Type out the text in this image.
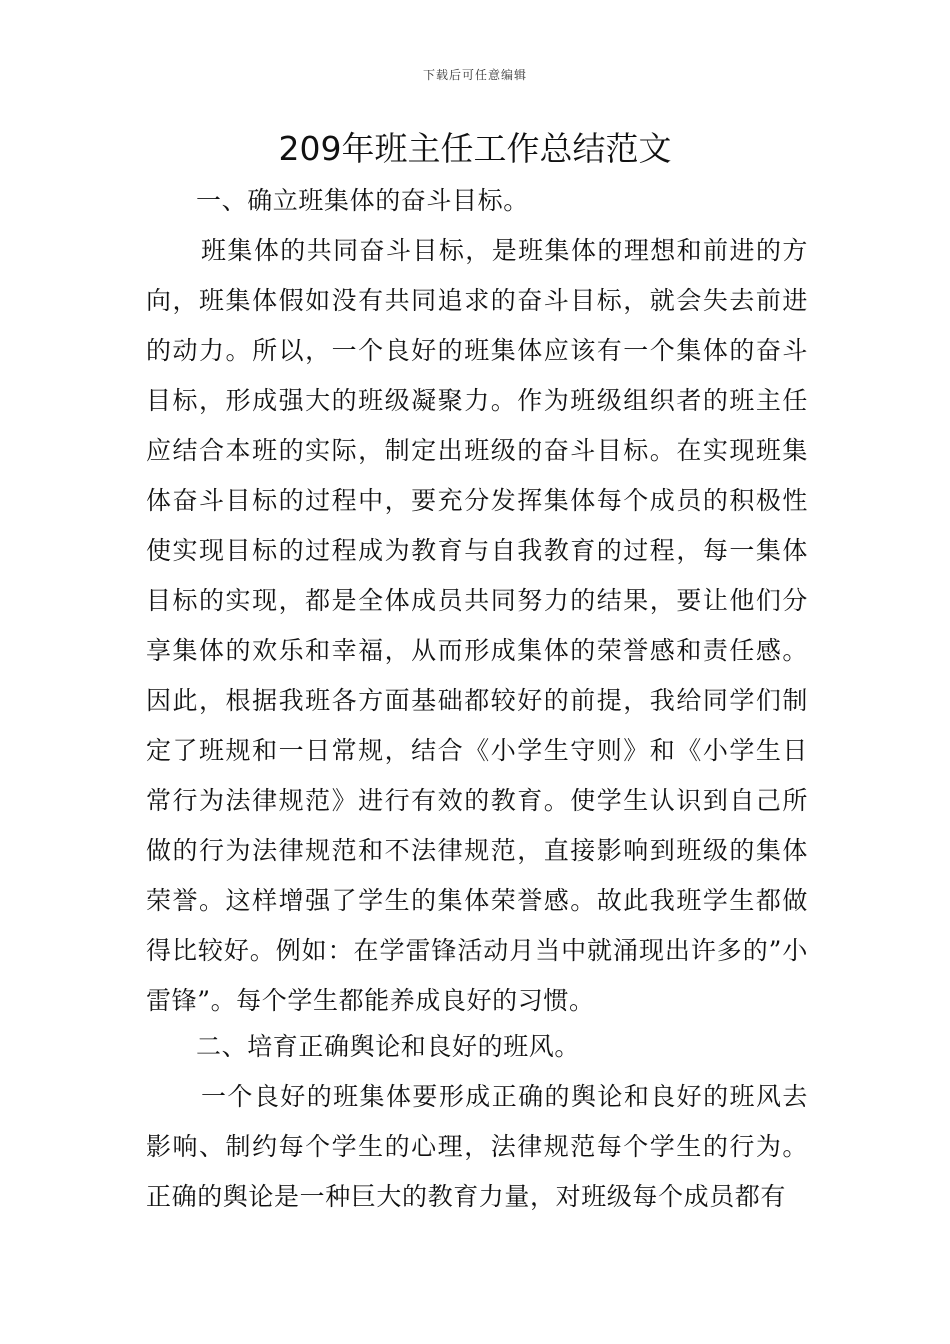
下载后可任意编辑
209年班主任工作总结范文

一、确立班集体的奋斗目标。

班集体的共同奋斗目标，是班集体的理想和前进的方向，班集体假如没有共同追求的奋斗目标，就会失去前进的动力。所以，一个良好的班集体应该有一个集体的奋斗目标，形成强大的班级凝聚力。作为班级组织者的班主任应结合本班的实际，制定出班级的奋斗目标。在实现班集体奋斗目标的过程中，要充分发挥集体每个成员的积极性使实现目标的过程成为教育与自我教育的过程，每一集体目标的实现，都是全体成员共同努力的结果，要让他们分享集体的欢乐和幸福，从而形成集体的荣誉感和责任感。因此，根据我班各方面基础都较好的前提，我给同学们制定了班规和一日常规，结合《小学生守则》和《小学生日常行为法律规范》进行有效的教育。使学生认识到自己所做的行为法律规范和不法律规范，直接影响到班级的集体荣誉。这样增强了学生的集体荣誉感。故此我班学生都做得比较好。例如：在学雷锋活动月当中就涌现出许多的”小雷锋”。每个学生都能养成良好的习惯。

二、培育正确舆论和良好的班风。

一个良好的班集体要形成正确的舆论和良好的班风去影响、制约每个学生的心理，法律规范每个学生的行为。正确的舆论是一种巨大的教育力量，对班级每个成员都有
